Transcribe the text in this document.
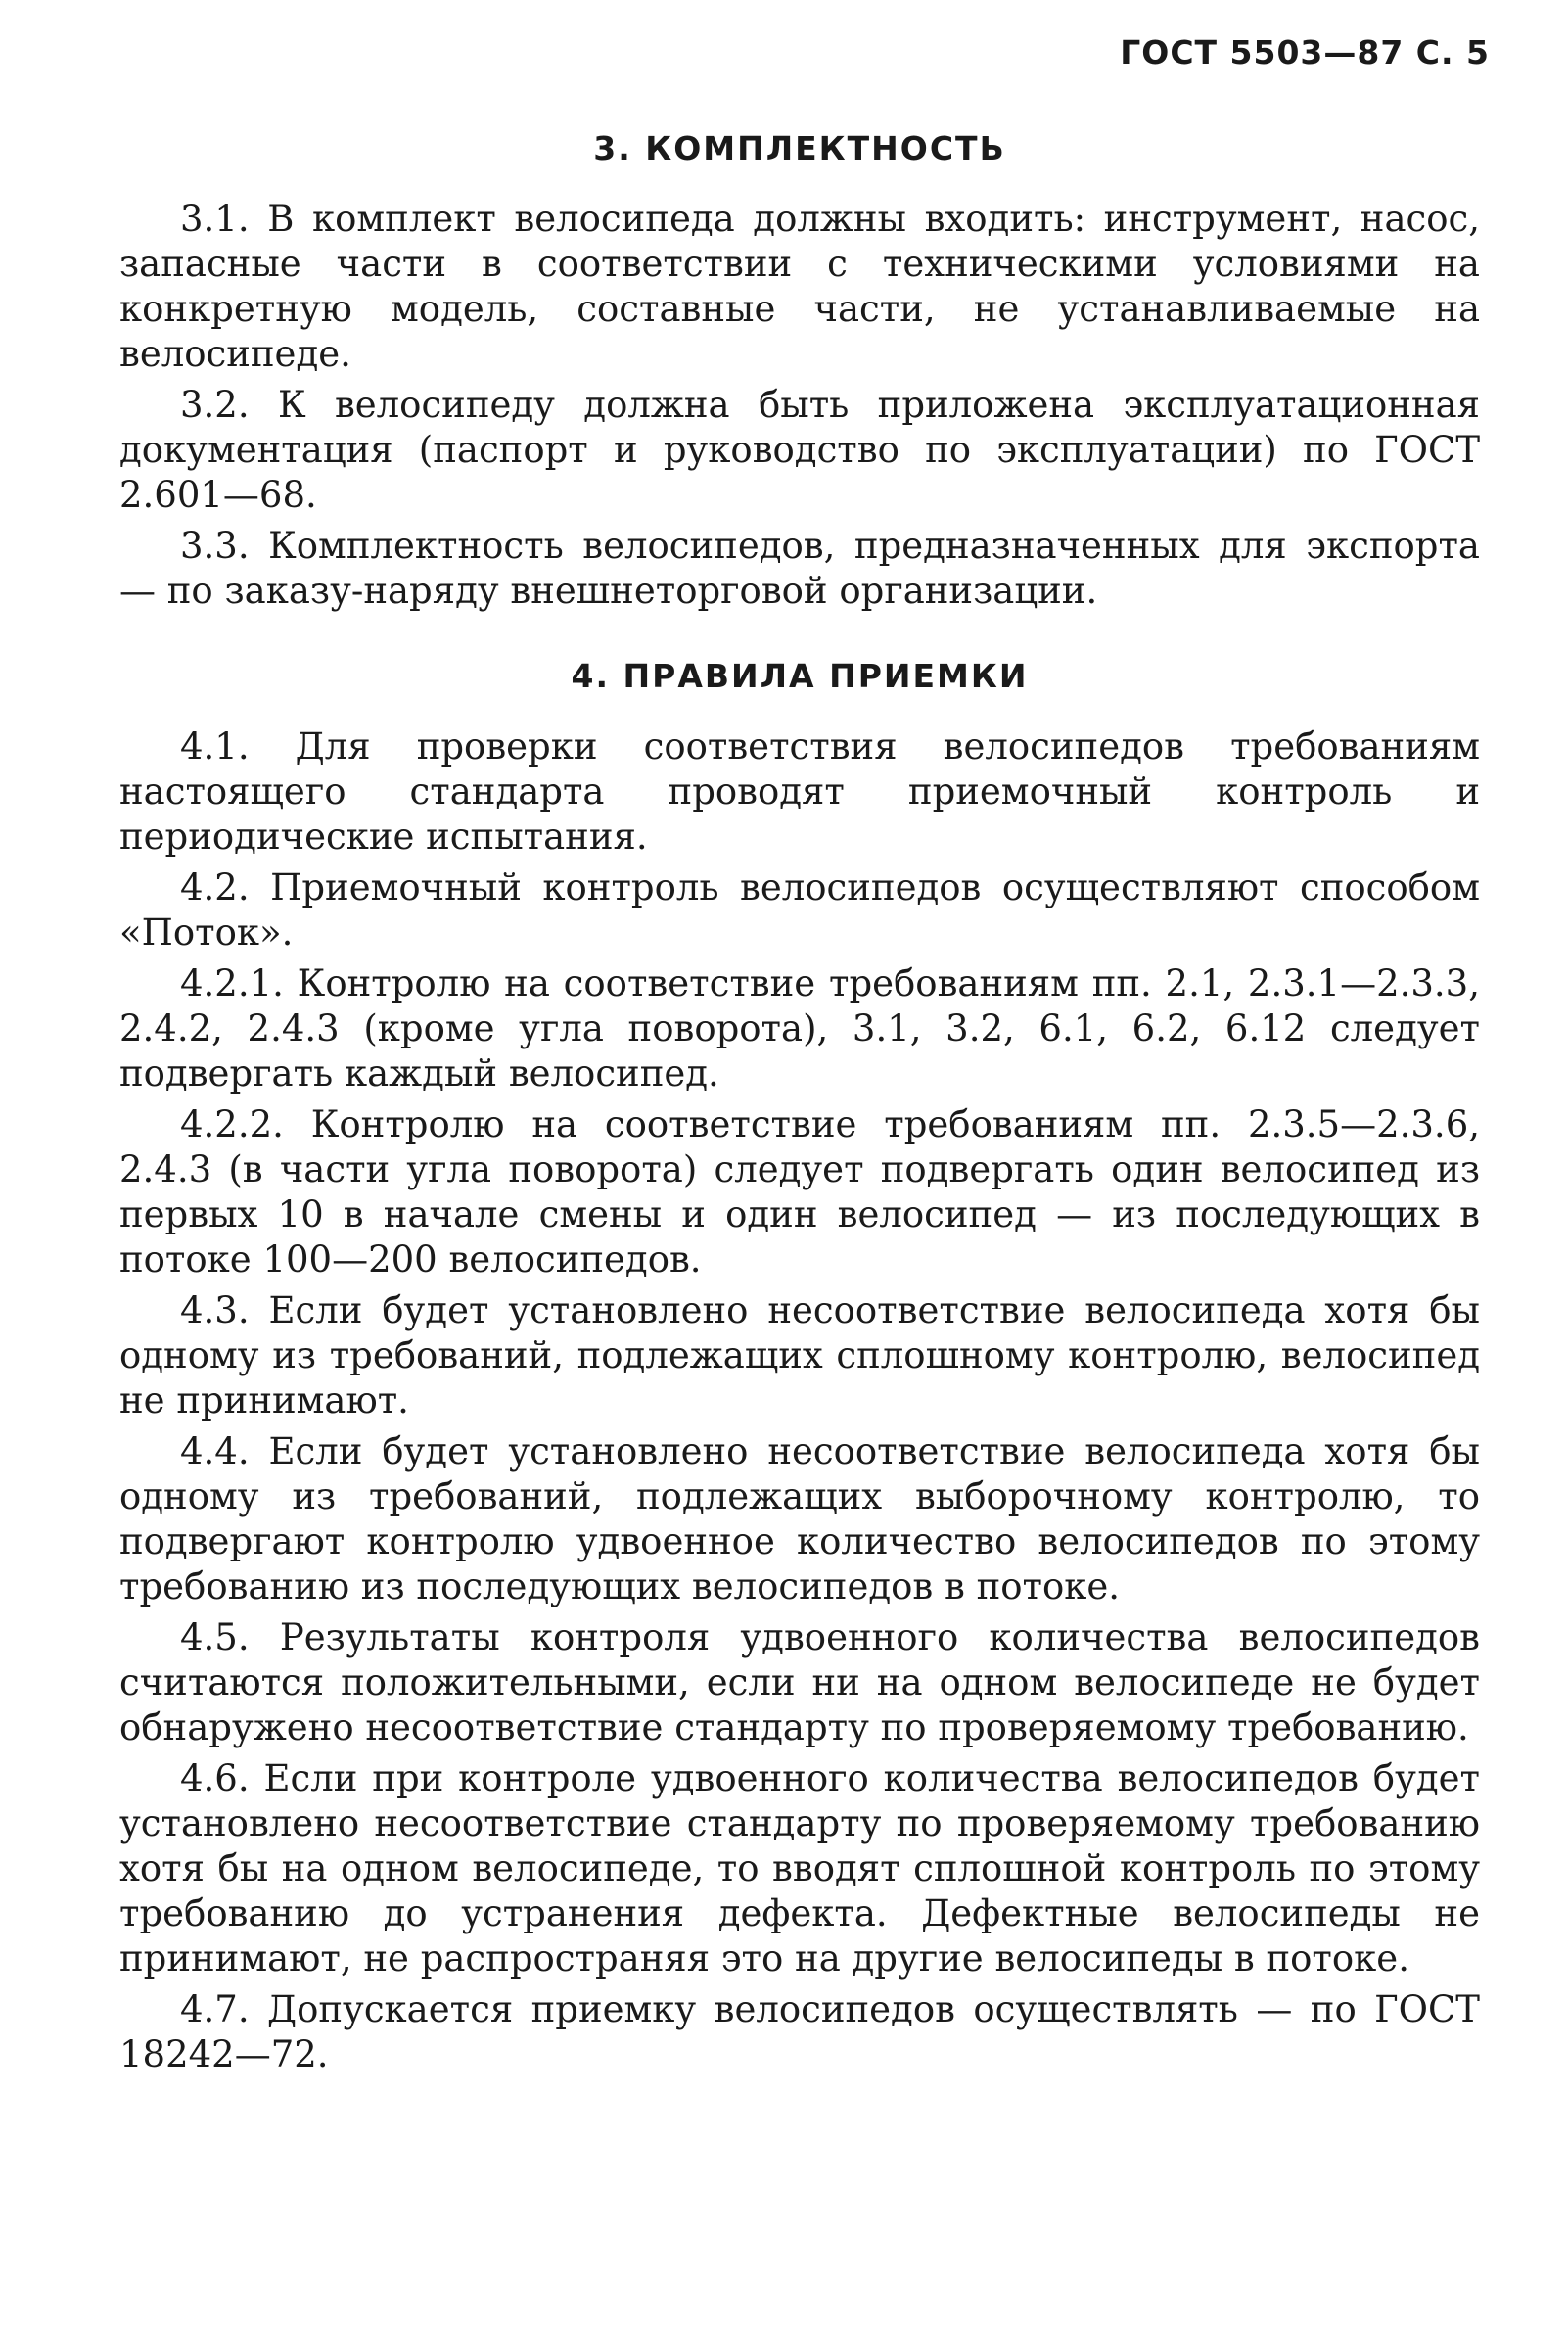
ГОСТ 5503—87 С. 5
3. КОМПЛЕКТНОСТЬ

3.1. В комплект велосипеда должны входить: инструмент, насос, запасные части в соответствии с техническими условиями на конкретную модель, составные части, не устанавливаемые на велосипеде.

3.2. К велосипеду должна быть приложена эксплуатационная документация (паспорт и руководство по эксплуатации) по ГОСТ 2.601—68.

3.3. Комплектность велосипедов, предназначенных для экспорта — по заказу-наряду внешнеторговой организации.

4. ПРАВИЛА ПРИЕМКИ

4.1. Для проверки соответствия велосипедов требованиям настоящего стандарта проводят приемочный контроль и периодические испытания.

4.2. Приемочный контроль велосипедов осуществляют способом «Поток».

4.2.1. Контролю на соответствие требованиям пп. 2.1, 2.3.1—2.3.3, 2.4.2, 2.4.3 (кроме угла поворота), 3.1, 3.2, 6.1, 6.2, 6.12 следует подвергать каждый велосипед.

4.2.2. Контролю на соответствие требованиям пп. 2.3.5—2.3.6, 2.4.3 (в части угла поворота) следует подвергать один велосипед из первых 10 в начале смены и один велосипед — из последующих в потоке 100—200 велосипедов.

4.3. Если будет установлено несоответствие велосипеда хотя бы одному из требований, подлежащих сплошному контролю, велосипед не принимают.

4.4. Если будет установлено несоответствие велосипеда хотя бы одному из требований, подлежащих выборочному контролю, то подвергают контролю удвоенное количество велосипедов по этому требованию из последующих велосипедов в потоке.

4.5. Результаты контроля удвоенного количества велосипедов считаются положительными, если ни на одном велосипеде не будет обнаружено несоответствие стандарту по проверяемому требованию.

4.6. Если при контроле удвоенного количества велосипедов будет установлено несоответствие стандарту по проверяемому требованию хотя бы на одном велосипеде, то вводят сплошной контроль по этому требованию до устранения дефекта. Дефектные велосипеды не принимают, не распространяя это на другие велосипеды в потоке.

4.7. Допускается приемку велосипедов осуществлять — по ГОСТ 18242—72.
